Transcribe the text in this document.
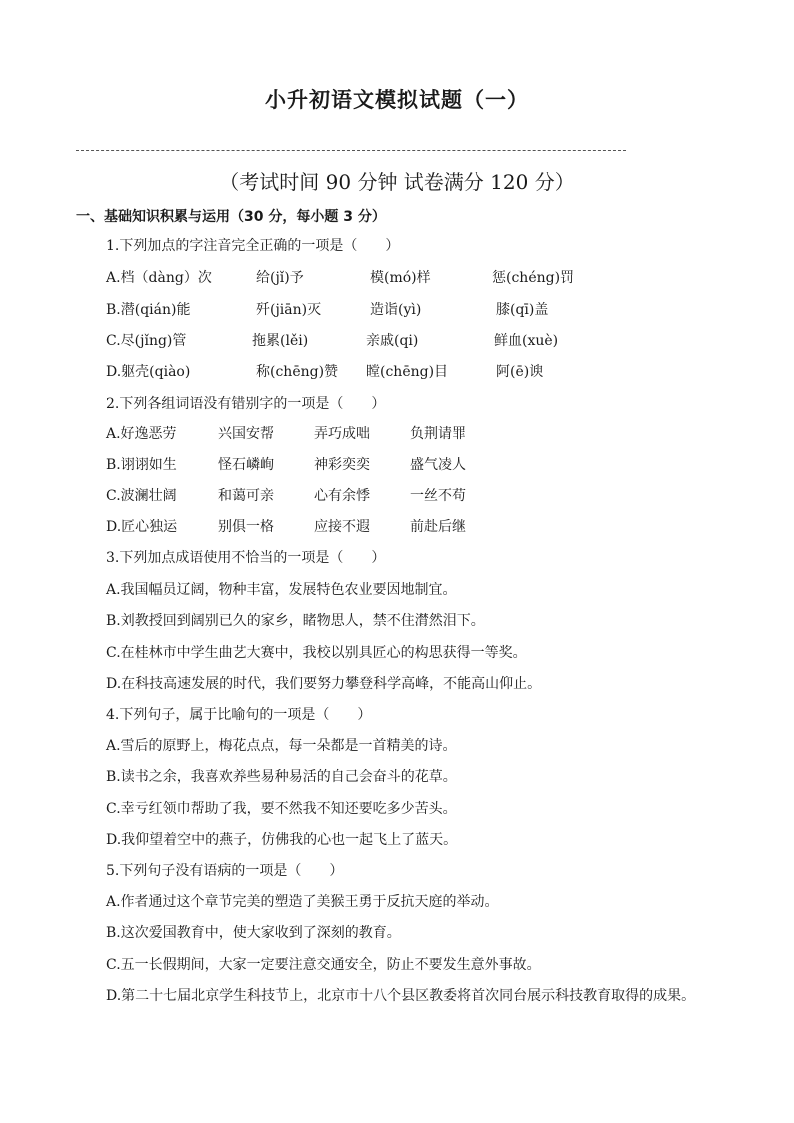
小升初语文模拟试题（一）
（考试时间 90 分钟 试卷满分 120 分）
一、基础知识积累与运用（30 分，每小题 3 分）
1.下列加点的字注音完全正确的一项是（　　）
A.档（dàng）次	给(jǐ)予	模(mó)样	惩(chéng)罚
B.潜(qián)能	歼(jiān)灭	造诣(yì)	膝(qī)盖
C.尽(jǐng)管	拖累(lěi)	亲戚(qi)	鲜血(xuè)
D.躯壳(qiào)	称(chēng)赞 瞠(chēng)目	阿(ē)谀
2.下列各组词语没有错别字的一项是（　　）
A.好逸恶劳	兴国安帮	弄巧成咄	负荆请罪
B.诩诩如生	怪石嶙峋	神彩奕奕	盛气凌人
C.波澜壮阔	和蔼可亲	心有余悸	一丝不苟
D.匠心独运	别俱一格	应接不遐	前赴后继
3.下列加点成语使用不恰当的一项是（　　）
A.我国幅员辽阔，物种丰富，发展特色农业要因地制宜。
B.刘教授回到阔别已久的家乡，睹物思人，禁不住潸然泪下。
C.在桂林市中学生曲艺大赛中，我校以别具匠心的构思获得一等奖。
D.在科技高速发展的时代，我们要努力攀登科学高峰，不能高山仰止。
4.下列句子，属于比喻句的一项是（　　）
A.雪后的原野上，梅花点点，每一朵都是一首精美的诗。
B.读书之余，我喜欢养些易种易活的自己会奋斗的花草。
C.幸亏红领巾帮助了我，要不然我不知还要吃多少苦头。
D.我仰望着空中的燕子，仿佛我的心也一起飞上了蓝天。
5.下列句子没有语病的一项是（　　）
A.作者通过这个章节完美的塑造了美猴王勇于反抗天庭的举动。
B.这次爱国教育中，使大家收到了深刻的教育。
C.五一长假期间，大家一定要注意交通安全，防止不要发生意外事故。
D.第二十七届北京学生科技节上，北京市十八个县区教委将首次同台展示科技教育取得的成果。
